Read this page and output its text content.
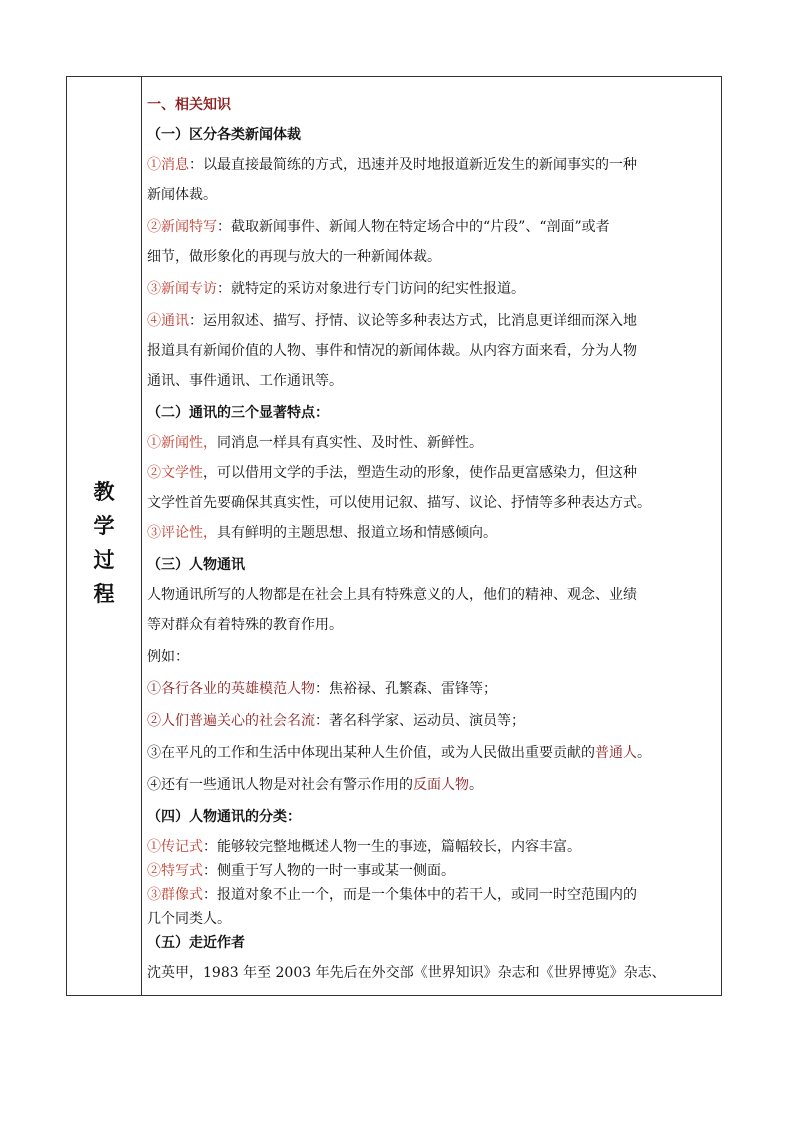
教
学
过
程
一、相关知识
（一）区分各类新闻体裁
①消息：以最直接最简练的方式，迅速并及时地报道新近发生的新闻事实的一种
新闻体裁。
②新闻特写：截取新闻事件、新闻人物在特定场合中的“片段”、“剖面”或者
细节，做形象化的再现与放大的一种新闻体裁。
③新闻专访：就特定的采访对象进行专门访问的纪实性报道。
④通讯：运用叙述、描写、抒情、议论等多种表达方式，比消息更详细而深入地
报道具有新闻价值的人物、事件和情况的新闻体裁。从内容方面来看，分为人物
通讯、事件通讯、工作通讯等。
（二）通讯的三个显著特点：
①新闻性，同消息一样具有真实性、及时性、新鲜性。
②文学性，可以借用文学的手法，塑造生动的形象，使作品更富感染力，但这种
文学性首先要确保其真实性，可以使用记叙、描写、议论、抒情等多种表达方式。
③评论性，具有鲜明的主题思想、报道立场和情感倾向。
（三）人物通讯
人物通讯所写的人物都是在社会上具有特殊意义的人，他们的精神、观念、业绩
等对群众有着特殊的教育作用。
例如：
①各行各业的英雄模范人物：焦裕禄、孔繁森、雷锋等；
②人们普遍关心的社会名流：著名科学家、运动员、演员等；
③在平凡的工作和生活中体现出某种人生价值，或为人民做出重要贡献的普通人。
④还有一些通讯人物是对社会有警示作用的反面人物。
（四）人物通讯的分类：
①传记式：能够较完整地概述人物一生的事迹，篇幅较长，内容丰富。
②特写式：侧重于写人物的一时一事或某一侧面。
③群像式：报道对象不止一个，而是一个集体中的若干人，或同一时空范围内的
几个同类人。
（五）走近作者
沈英甲，1983 年至 2003 年先后在外交部《世界知识》杂志和《世界博览》杂志、
